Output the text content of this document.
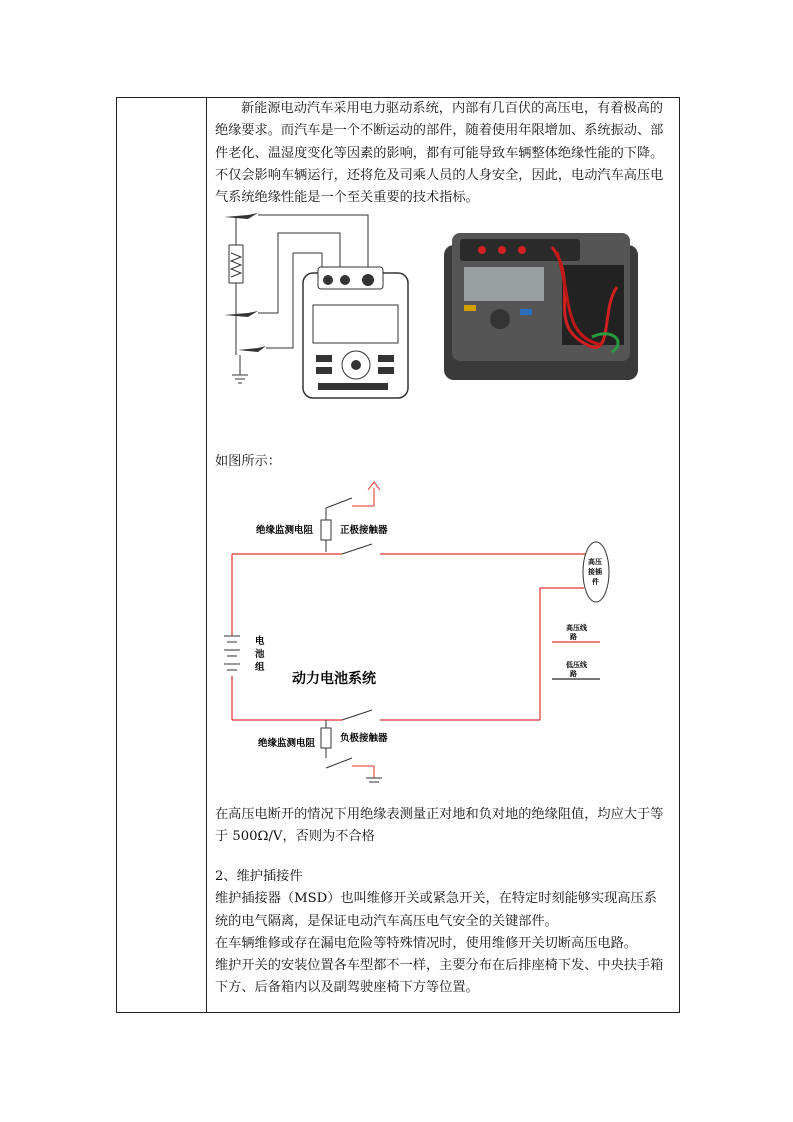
新能源电动汽车采用电力驱动系统，内部有几百伏的高压电，有着极高的绝缘要求。而汽车是一个不断运动的部件，随着使用年限增加、系统振动、部件老化、温湿度变化等因素的影响，都有可能导致车辆整体绝缘性能的下降。不仅会影响车辆运行，还将危及司乘人员的人身安全，因此，电动汽车高压电气系统绝缘性能是一个至关重要的技术指标。
如图所示：
绝缘监测电阻	正极接触器
电
池
组
动力电池系统
绝缘监测电阻	负极接触器
高压
接插
件
高压线
路
低压线
路
在高压电断开的情况下用绝缘表测量正对地和负对地的绝缘阻值，均应大于等于 500Ω/V，否则为不合格
2、维护插接件
维护插接器（MSD）也叫维修开关或紧急开关，在特定时刻能够实现高压系统的电气隔离，是保证电动汽车高压电气安全的关键部件。
在车辆维修或存在漏电危险等特殊情况时，使用维修开关切断高压电路。
维护开关的安装位置各车型都不一样，主要分布在后排座椅下发、中央扶手箱下方、后备箱内以及副驾驶座椅下方等位置。
